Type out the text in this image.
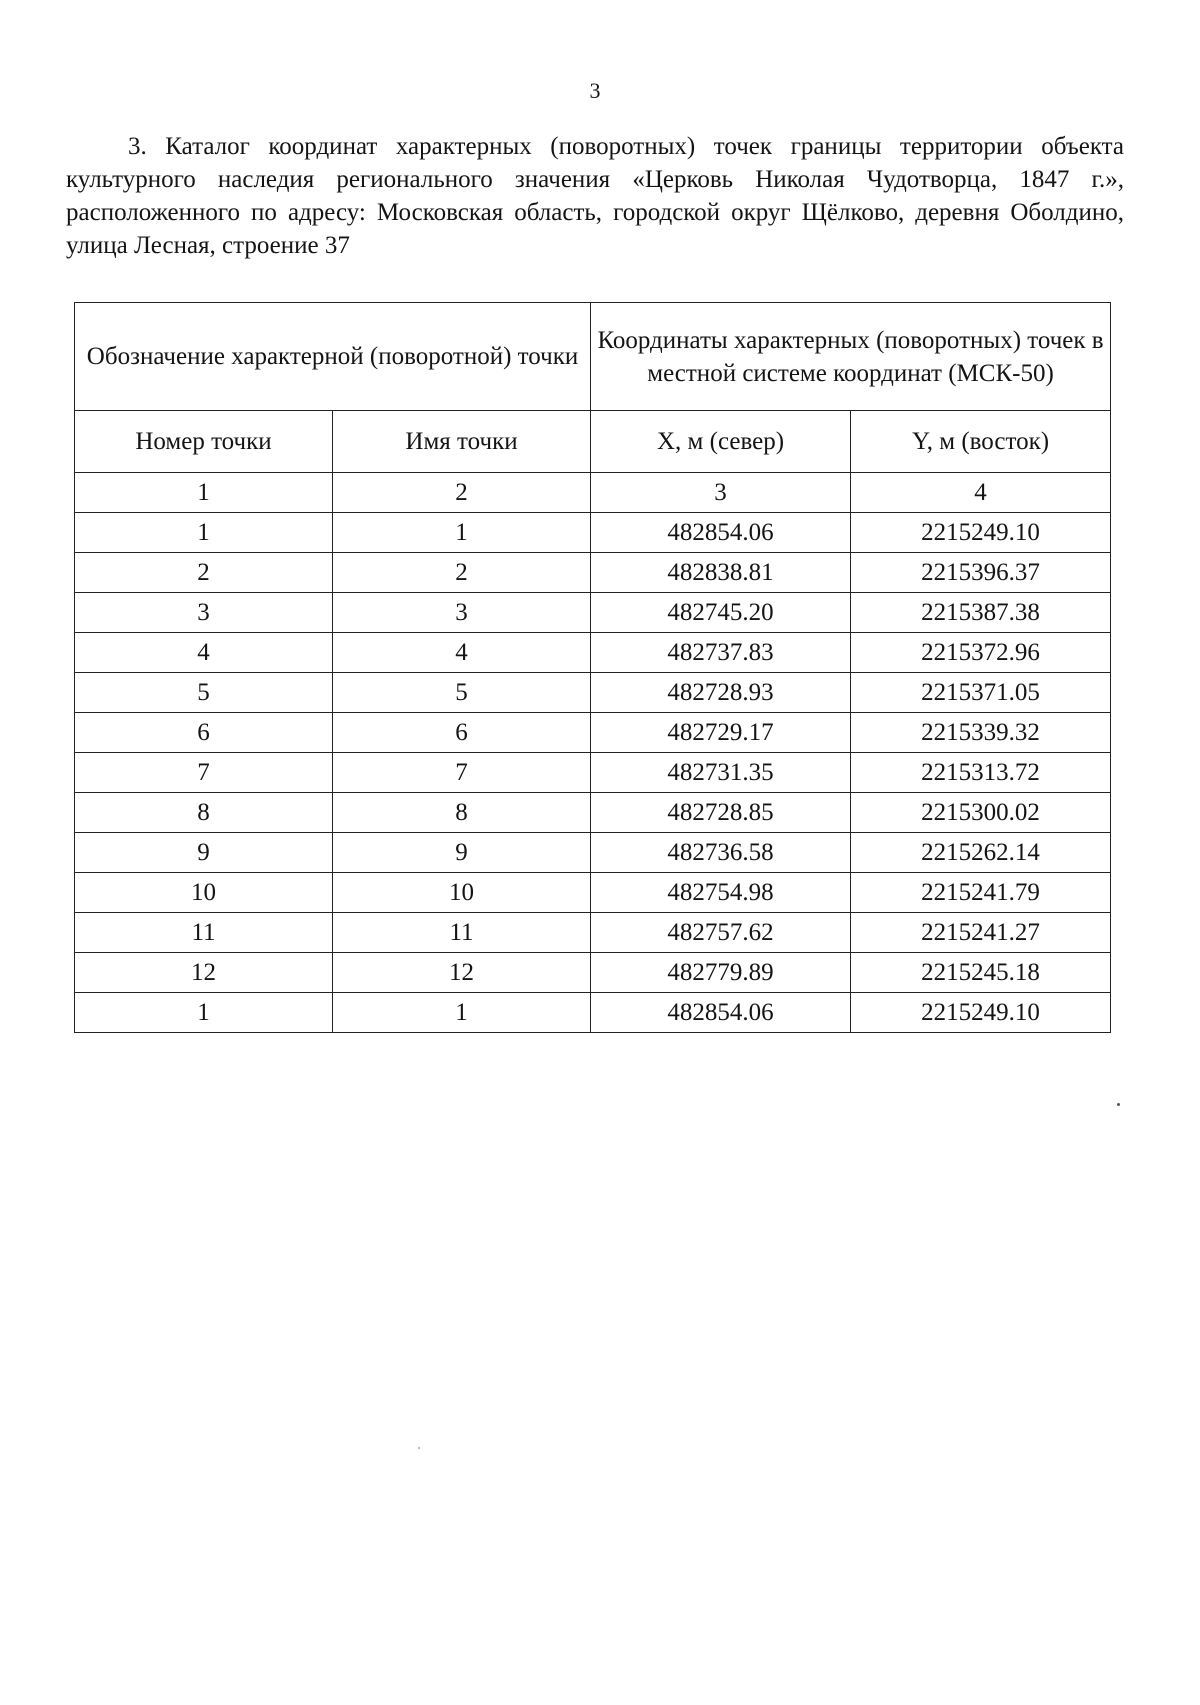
3

3. Каталог координат характерных (поворотных) точек границы территории объекта культурного наследия регионального значения «Церковь Николая Чудотворца, 1847 г.», расположенного по адресу: Московская область, городской округ Щёлково, деревня Оболдино, улица Лесная, строение 37

Обозначение характерной (поворотной) точки		Координаты характерных (поворотных) точек в местной системе координат (МСК-50)	
Номер точки	Имя точки	X, м (север)	Y, м (восток)
1	2	3	4
1	1	482854.06	2215249.10
2	2	482838.81	2215396.37
3	3	482745.20	2215387.38
4	4	482737.83	2215372.96
5	5	482728.93	2215371.05
6	6	482729.17	2215339.32
7	7	482731.35	2215313.72
8	8	482728.85	2215300.02
9	9	482736.58	2215262.14
10	10	482754.98	2215241.79
11	11	482757.62	2215241.27
12	12	482779.89	2215245.18
1	1	482854.06	2215249.10
